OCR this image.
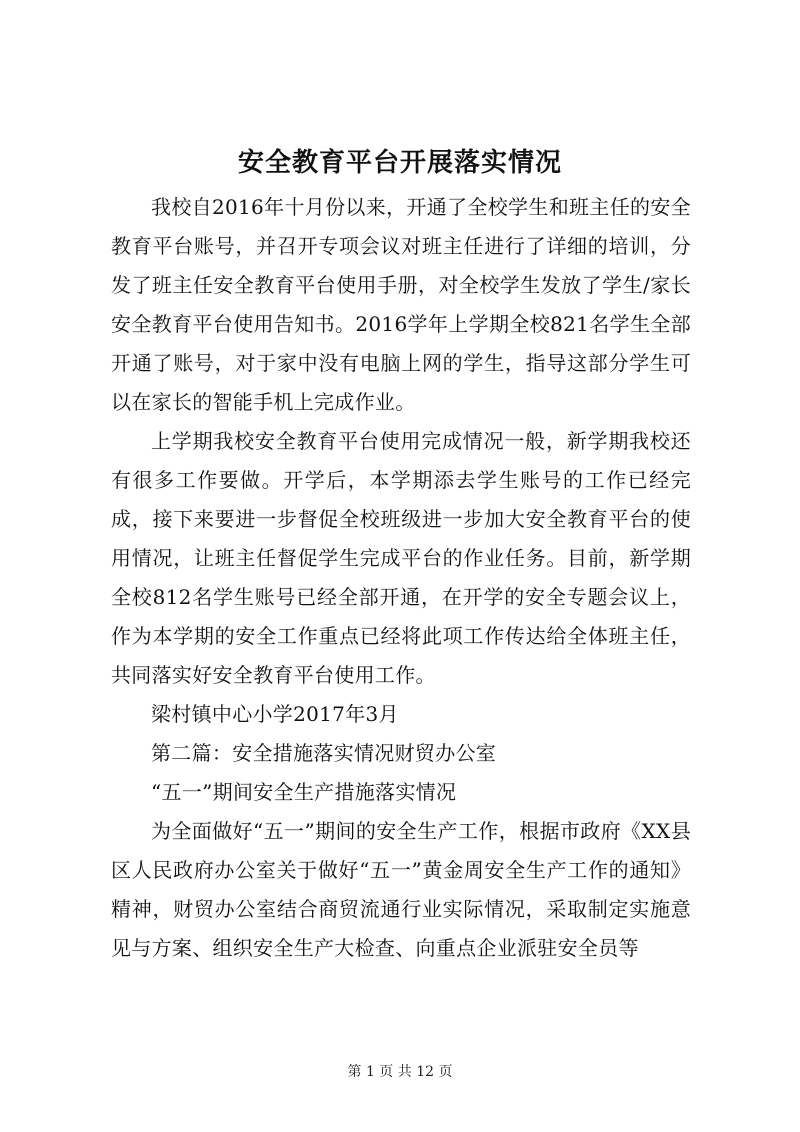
安全教育平台开展落实情况

我校自2016年十月份以来，开通了全校学生和班主任的安全教育平台账号，并召开专项会议对班主任进行了详细的培训，分发了班主任安全教育平台使用手册，对全校学生发放了学生/家长安全教育平台使用告知书。2016学年上学期全校821名学生全部开通了账号，对于家中没有电脑上网的学生，指导这部分学生可以在家长的智能手机上完成作业。

上学期我校安全教育平台使用完成情况一般，新学期我校还有很多工作要做。开学后，本学期添去学生账号的工作已经完成，接下来要进一步督促全校班级进一步加大安全教育平台的使用情况，让班主任督促学生完成平台的作业任务。目前，新学期全校812名学生账号已经全部开通，在开学的安全专题会议上，作为本学期的安全工作重点已经将此项工作传达给全体班主任，共同落实好安全教育平台使用工作。

梁村镇中心小学2017年3月

第二篇：安全措施落实情况财贸办公室

“五一”期间安全生产措施落实情况

为全面做好“五一”期间的安全生产工作，根据市政府《XX县区人民政府办公室关于做好“五一”黄金周安全生产工作的通知》精神，财贸办公室结合商贸流通行业实际情况，采取制定实施意见与方案、组织安全生产大检查、向重点企业派驻安全员等

第 1 页 共 12 页
